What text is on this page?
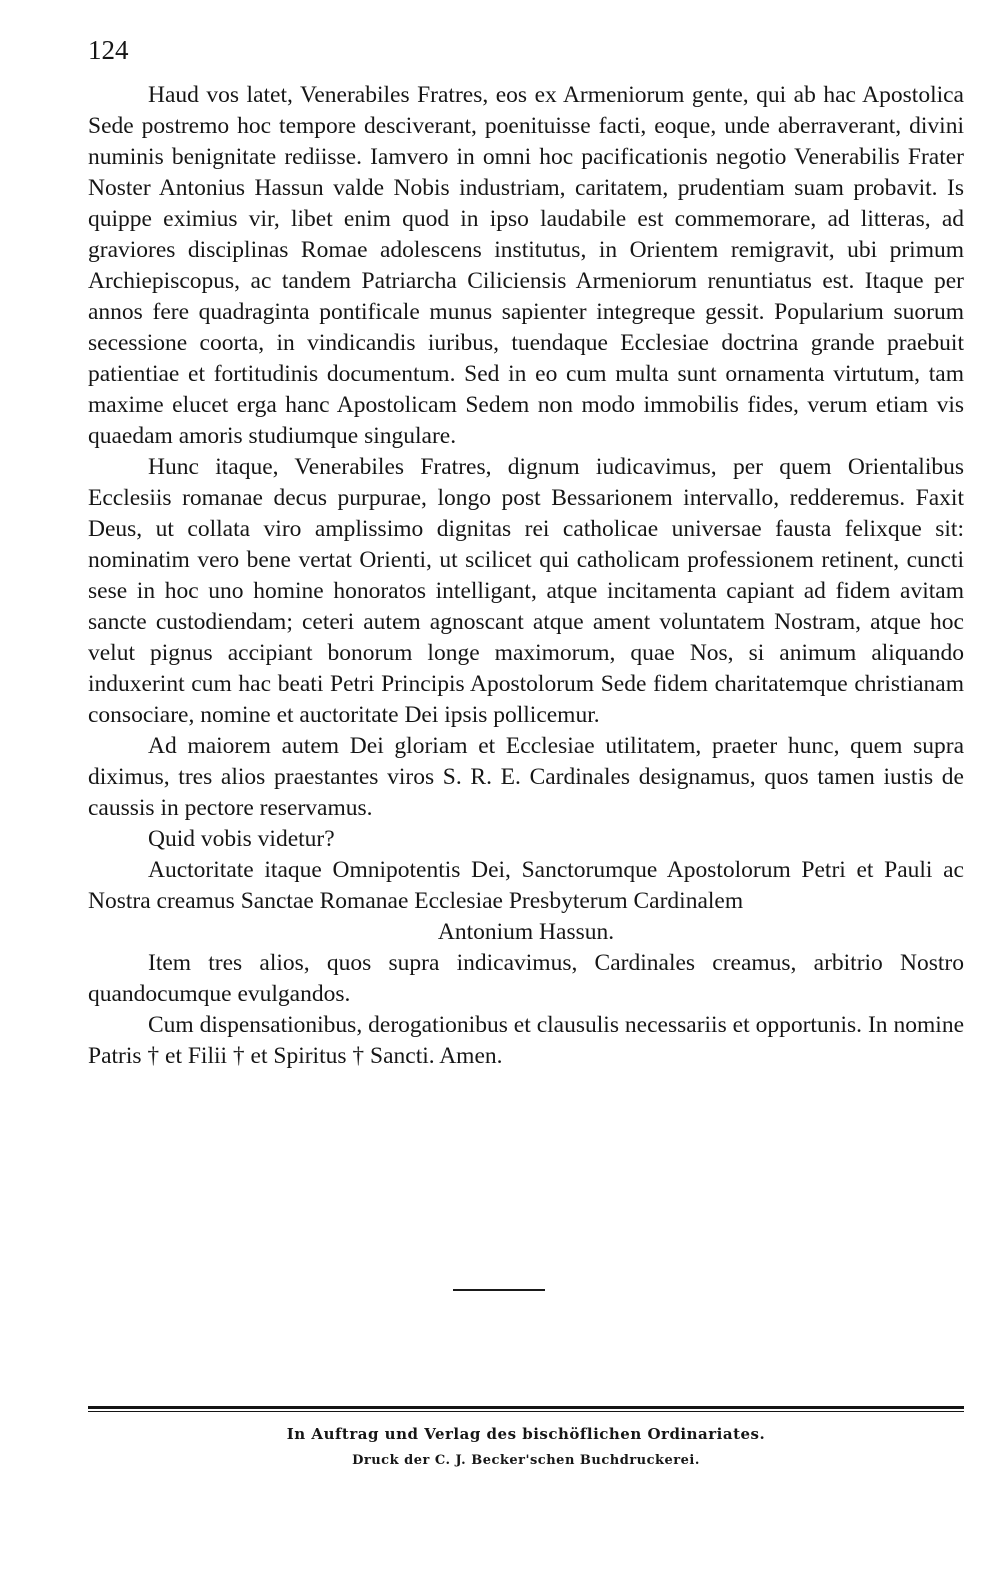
124

Haud vos latet, Venerabiles Fratres, eos ex Armeniorum gente, qui ab hac Apostolica Sede postremo hoc tempore desciverant, poenituisse facti, eoque, unde aberraverant, divini numinis benignitate rediisse. Iamvero in omni hoc pacificationis negotio Venerabilis Frater Noster Antonius Hassun valde Nobis industriam, caritatem, prudentiam suam probavit. Is quippe eximius vir, libet enim quod in ipso laudabile est commemorare, ad litteras, ad graviores disciplinas Romae adolescens institutus, in Orientem remigravit, ubi primum Archiepiscopus, ac tandem Patriarcha Ciliciensis Armeniorum renuntiatus est. Itaque per annos fere quadraginta pontificale munus sapienter integreque gessit. Popularium suorum secessione coorta, in vindicandis iuribus, tuendaque Ecclesiae doctrina grande praebuit patientiae et fortitudinis documentum. Sed in eo cum multa sunt ornamenta virtutum, tam maxime elucet erga hanc Apostolicam Sedem non modo immobilis fides, verum etiam vis quaedam amoris studiumque singulare.

Hunc itaque, Venerabiles Fratres, dignum iudicavimus, per quem Orientalibus Ecclesiis romanae decus purpurae, longo post Bessarionem intervallo, redderemus. Faxit Deus, ut collata viro amplissimo dignitas rei catholicae universae fausta felixque sit: nominatim vero bene vertat Orienti, ut scilicet qui catholicam professionem retinent, cuncti sese in hoc uno homine honoratos intelligant, atque incitamenta capiant ad fidem avitam sancte custodiendam; ceteri autem agnoscant atque ament voluntatem Nostram, atque hoc velut pignus accipiant bonorum longe maximorum, quae Nos, si animum aliquando induxerint cum hac beati Petri Principis Apostolorum Sede fidem charitatemque christianam consociare, nomine et auctoritate Dei ipsis pollicemur.

Ad maiorem autem Dei gloriam et Ecclesiae utilitatem, praeter hunc, quem supra diximus, tres alios praestantes viros S. R. E. Cardinales designamus, quos tamen iustis de caussis in pectore reservamus.

Quid vobis videtur?

Auctoritate itaque Omnipotentis Dei, Sanctorumque Apostolorum Petri et Pauli ac Nostra creamus Sanctae Romanae Ecclesiae Presbyterum Cardinalem

Antonium Hassun.

Item tres alios, quos supra indicavimus, Cardinales creamus, arbitrio Nostro quandocumque evulgandos.

Cum dispensationibus, derogationibus et clausulis necessariis et opportunis. In nomine Patris † et Filii † et Spiritus † Sancti. Amen.

In Auftrag und Verlag des bischöflichen Ordinariates.

Druck der C. J. Becker'schen Buchdruckerei.
